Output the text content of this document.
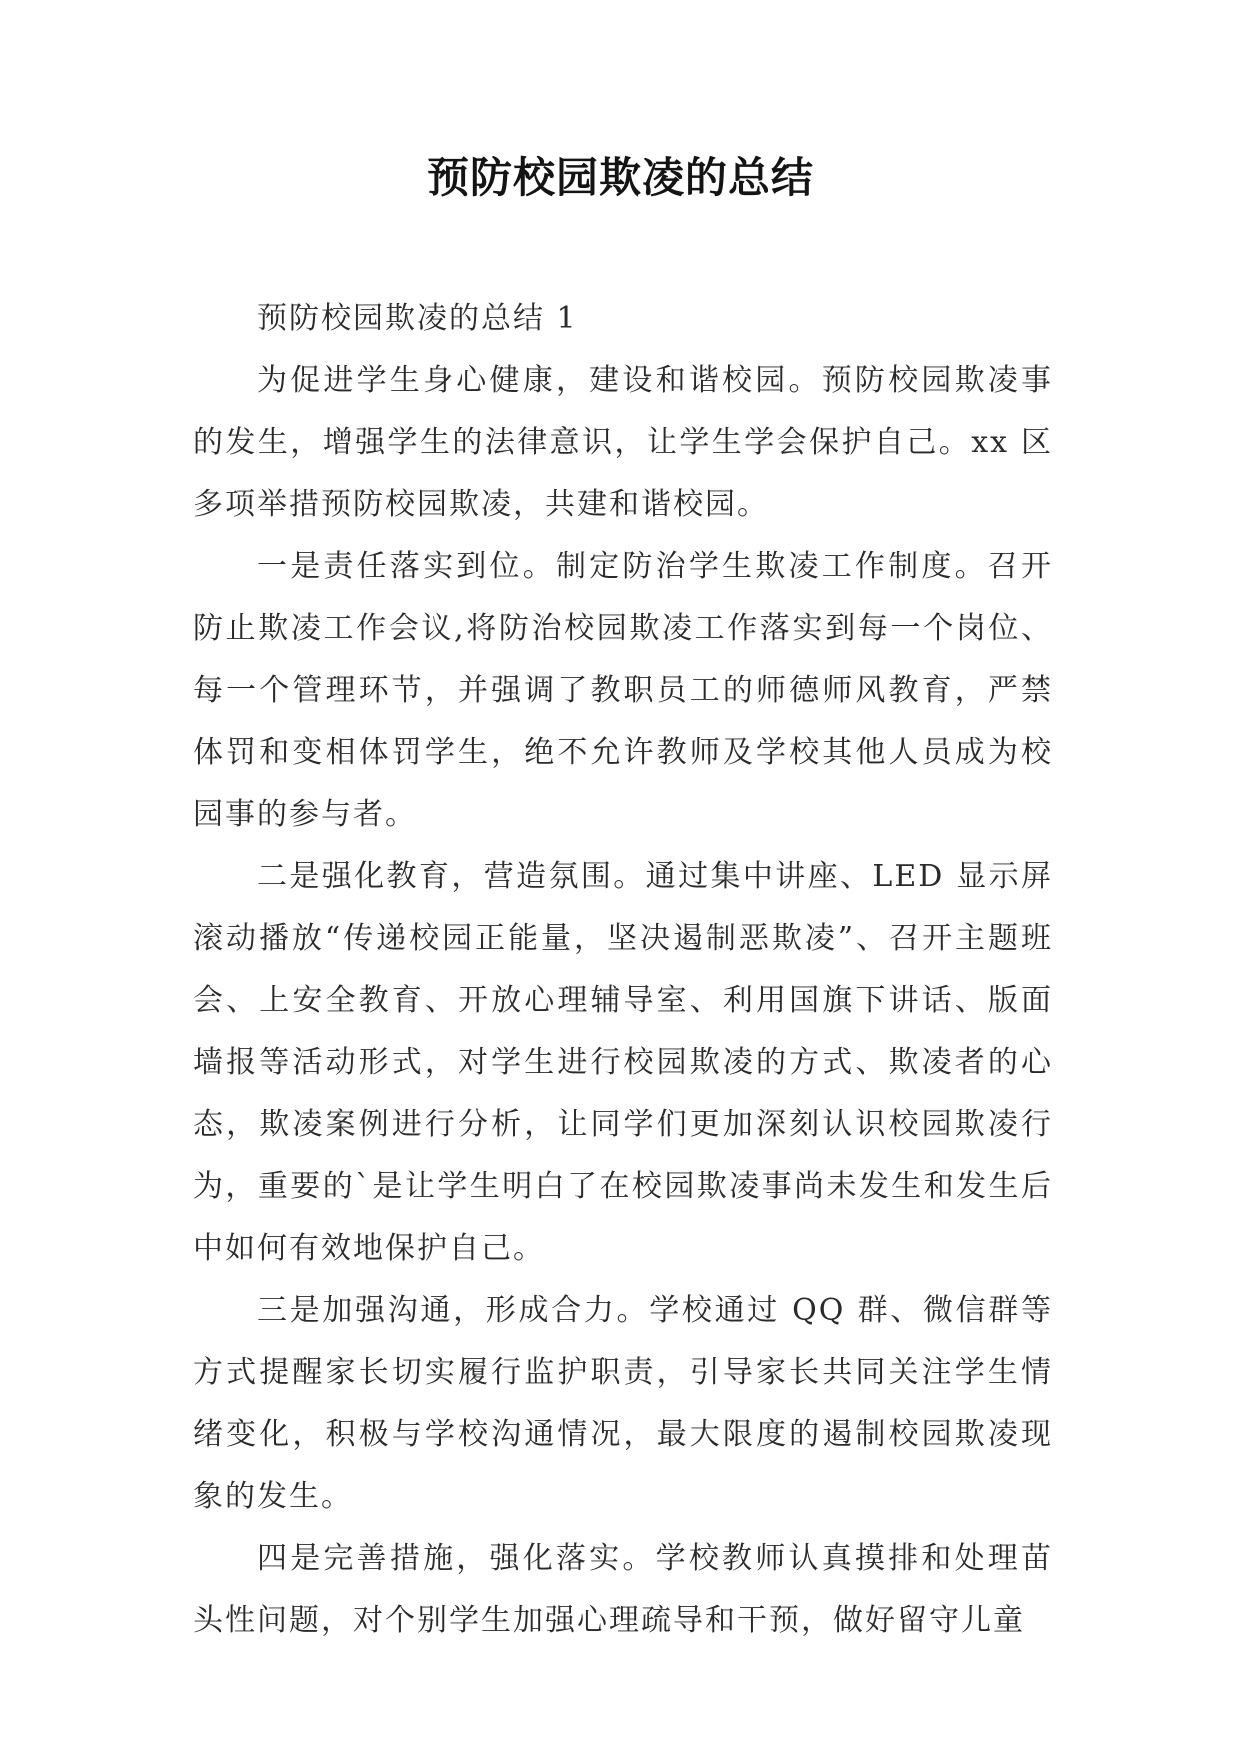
预防校园欺凌的总结

预防校园欺凌的总结 1

为促进学生身心健康，建设和谐校园。预防校园欺凌事的发生，增强学生的法律意识，让学生学会保护自己。xx 区多项举措预防校园欺凌，共建和谐校园。

一是责任落实到位。制定防治学生欺凌工作制度。召开防止欺凌工作会议,将防治校园欺凌工作落实到每一个岗位、每一个管理环节，并强调了教职员工的师德师风教育，严禁体罚和变相体罚学生，绝不允许教师及学校其他人员成为校园事的参与者。

二是强化教育，营造氛围。通过集中讲座、LED 显示屏滚动播放“传递校园正能量，坚决遏制恶欺凌”、召开主题班会、上安全教育、开放心理辅导室、利用国旗下讲话、版面墙报等活动形式，对学生进行校园欺凌的方式、欺凌者的心态，欺凌案例进行分析，让同学们更加深刻认识校园欺凌行为，重要的`是让学生明白了在校园欺凌事尚未发生和发生后中如何有效地保护自己。

三是加强沟通，形成合力。学校通过 QQ 群、微信群等方式提醒家长切实履行监护职责，引导家长共同关注学生情绪变化，积极与学校沟通情况，最大限度的遏制校园欺凌现象的发生。

四是完善措施，强化落实。学校教师认真摸排和处理苗头性问题，对个别学生加强心理疏导和干预，做好留守儿童
